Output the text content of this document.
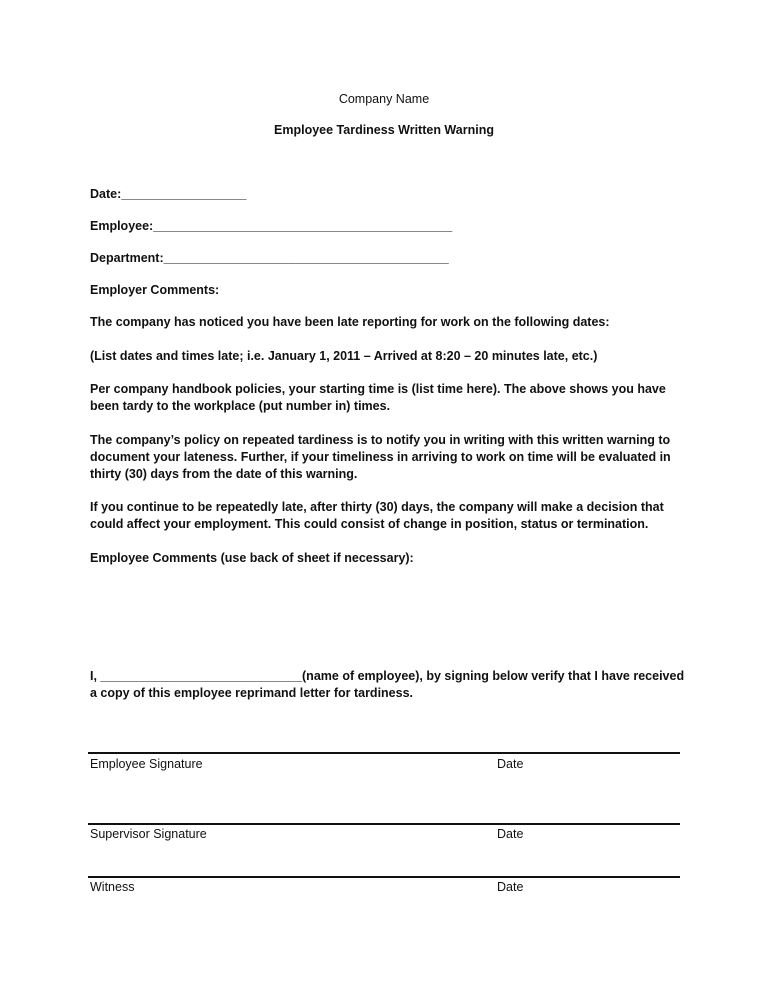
Company Name
Employee Tardiness Written Warning
Date:__________________
Employee:___________________________________________
Department:_________________________________________
Employer Comments:
The company has noticed you have been late reporting for work on the following dates:
(List dates and times late; i.e. January 1, 2011 – Arrived at 8:20 – 20 minutes late, etc.)
Per company handbook policies, your starting time is (list time here). The above shows you have been tardy to the workplace (put number in) times.
The company’s policy on repeated tardiness is to notify you in writing with this written warning to document your lateness. Further, if your timeliness in arriving to work on time will be evaluated in thirty (30) days from the date of this warning.
If you continue to be repeatedly late, after thirty (30) days, the company will make a decision that could affect your employment. This could consist of change in position, status or termination.
Employee Comments (use back of sheet if necessary):
I, _____________________________(name of employee), by signing below verify that I have received a copy of this employee reprimand letter for tardiness.
Employee Signature	Date
Supervisor Signature	Date
Witness	Date
